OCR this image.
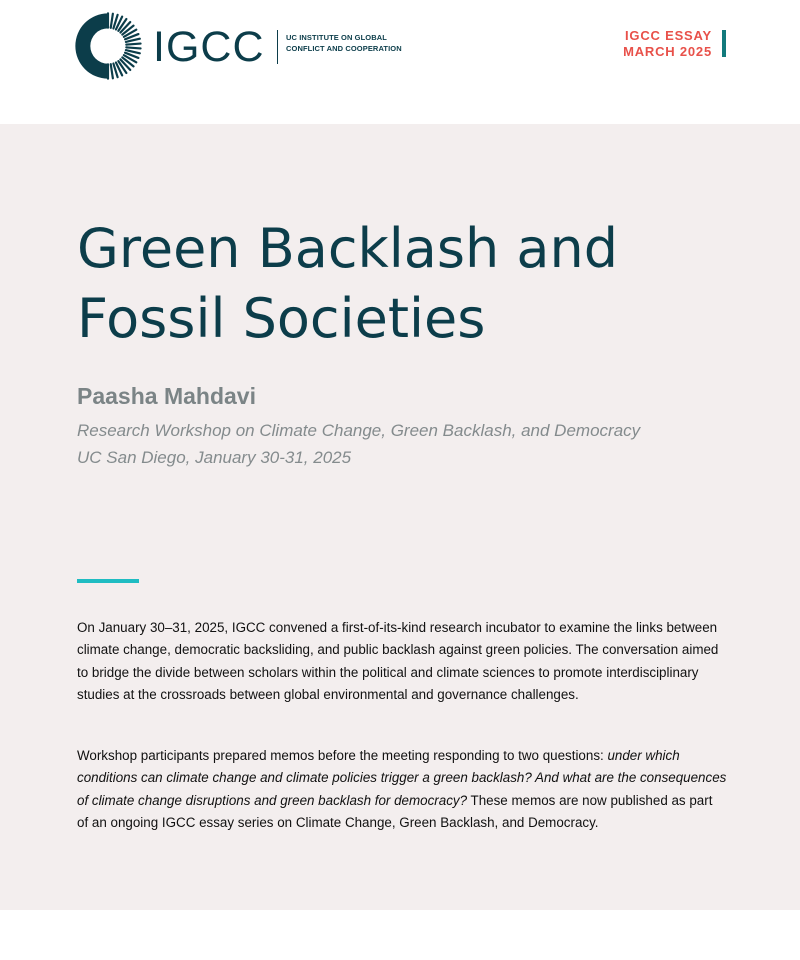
IGCC	UC INSTITUTE ON GLOBAL
CONFLICT AND COOPERATION
IGCC ESSAY
MARCH 2025
Green Backlash and
Fossil Societies
Paasha Mahdavi
Research Workshop on Climate Change, Green Backlash, and Democracy
UC San Diego, January 30-31, 2025

On January 30–31, 2025, IGCC convened a first-of-its-kind research incubator to examine the links between climate change, democratic backsliding, and public backlash against green policies. The conversation aimed to bridge the divide between scholars within the political and climate sciences to promote interdisciplinary studies at the crossroads between global environmental and governance challenges.

Workshop participants prepared memos before the meeting responding to two questions: under which conditions can climate change and climate policies trigger a green backlash? And what are the consequences of climate change disruptions and green backlash for democracy? These memos are now published as part of an ongoing IGCC essay series on Climate Change, Green Backlash, and Democracy.
